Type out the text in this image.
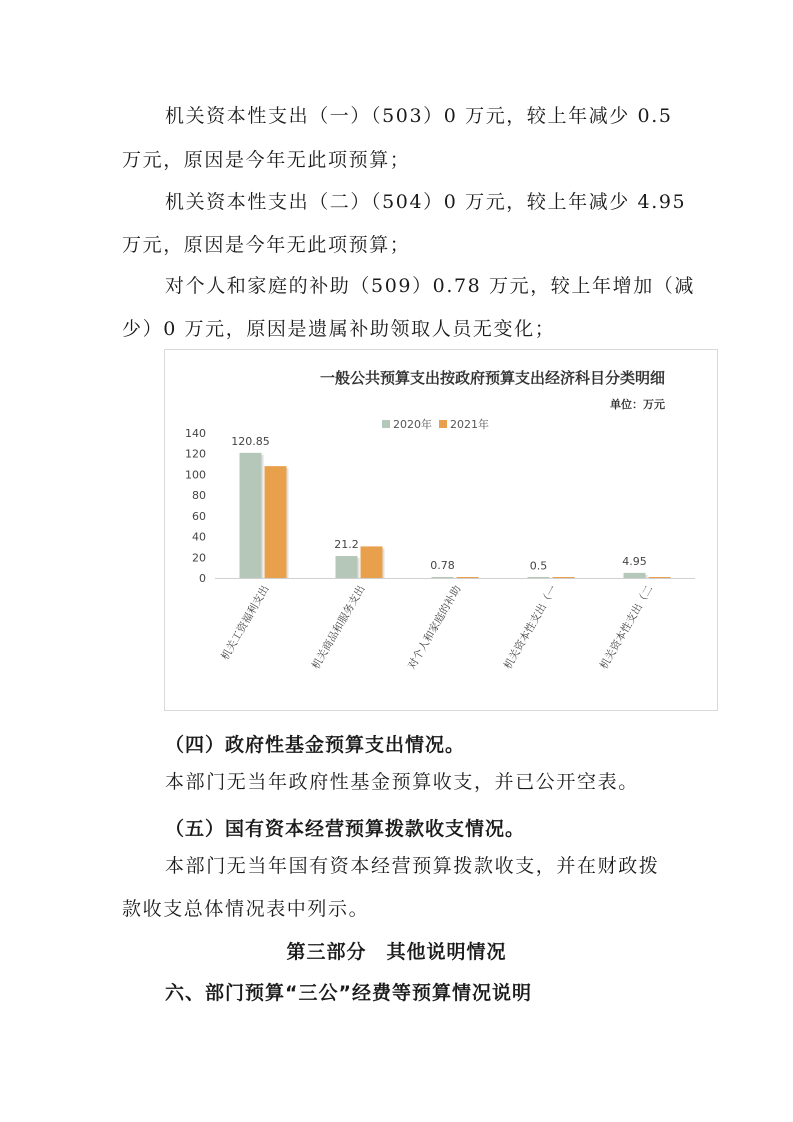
机关资本性支出（一）（503）0 万元，较上年减少 0.5
万元，原因是今年无此项预算；
机关资本性支出（二）（504）0 万元，较上年减少 4.95
万元，原因是今年无此项预算；
对个人和家庭的补助（509）0.78 万元，较上年增加（减
少）0 万元，原因是遗属补助领取人员无变化；
一般公共预算支出按政府预算支出经济科目分类明细
单位：万元
2020年 2021年
0
20
40
60
80
100
120
140
120.85
机关工资福利支出
21.2
机关商品和服务支出
0.78
对个人和家庭的补助
0.5
机关资本性支出（一
4.95
机关资本性支出（二
（四）政府性基金预算支出情况。
本部门无当年政府性基金预算收支，并已公开空表。
（五）国有资本经营预算拨款收支情况。
本部门无当年国有资本经营预算拨款收支，并在财政拨
款收支总体情况表中列示。
第三部分　其他说明情况
六、部门预算“三公”经费等预算情况说明
